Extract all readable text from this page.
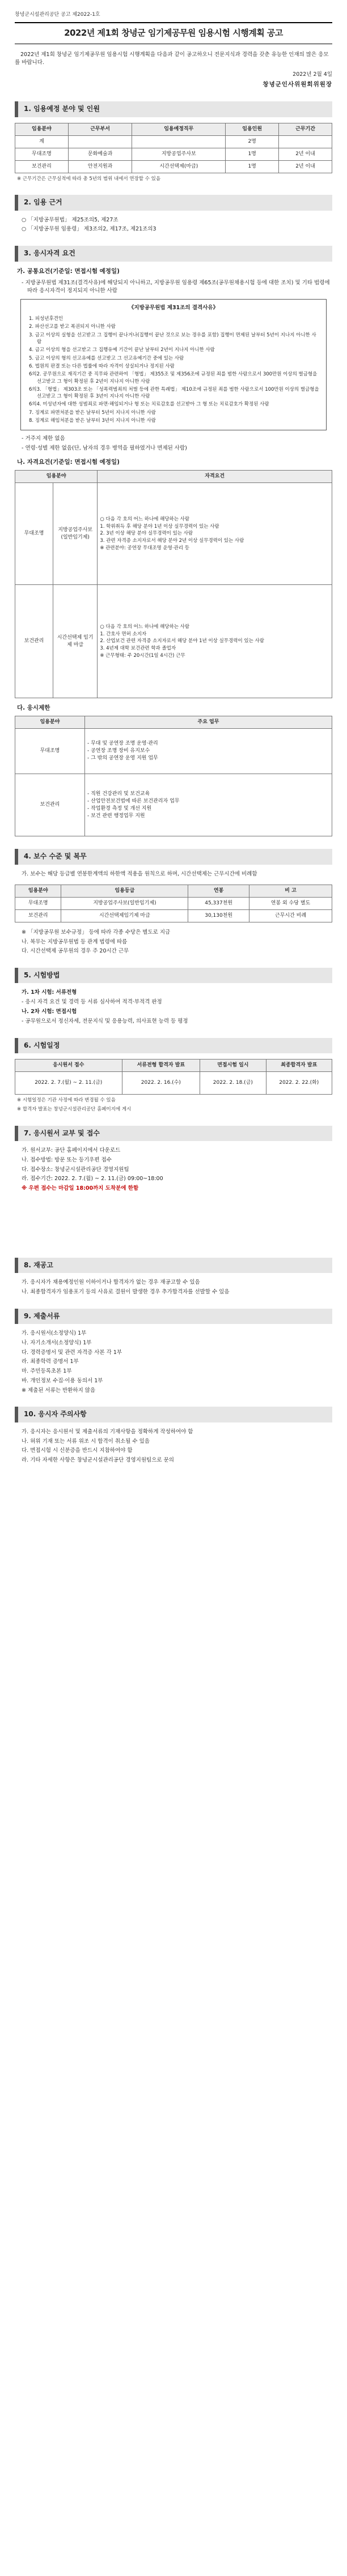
창녕군시설관리공단 공고 제2022-1호
2022년 제1회 창녕군 임기제공무원 임용시험 시행계획 공고

2022년 제1회 창녕군 임기제공무원 임용시험 시행계획을 다음과 같이 공고하오니 전문지식과 경력을 갖춘 유능한 인재의 많은 응모를 바랍니다.

2022년 2월 4일
창녕군인사위원회위원장
1. 임용예정 분야 및 인원
임용분야	근무부서	임용예정직무	임용인원	근무기간
계			2명	
무대조명	문화예술과	지방공업주사보	1명	2년 이내
보건관리	안전지원과	시간선택제(마급)	1명	2년 이내
※ 근무기간은 근무실적에 따라 총 5년의 범위 내에서 연장할 수 있음
2. 임용 근거
○ 「지방공무원법」 제25조의5, 제27조
○ 「지방공무원 임용령」 제3조의2, 제17조, 제21조의3
3. 응시자격 요건
가. 공통요건(기준일: 면접시험 예정일)
- 지방공무원법 제31조(결격사유)에 해당되지 아니하고, 지방공무원 임용령 제65조(공무원채용시험 등에 대한 조치) 및 기타 법령에 따라 응시자격이 정지되지 아니한 사람
《지방공무원법 제31조의 결격사유》
1. 피성년후견인
2. 파산선고를 받고 복권되지 아니한 사람
3. 금고 이상의 실형을 선고받고 그 집행이 끝나거나(집행이 끝난 것으로 보는 경우를 포함) 집행이 면제된 날부터 5년이 지나지 아니한 사람
4. 금고 이상의 형을 선고받고 그 집행유예 기간이 끝난 날부터 2년이 지나지 아니한 사람
5. 금고 이상의 형의 선고유예를 선고받고 그 선고유예기간 중에 있는 사람
6. 법원의 판결 또는 다른 법률에 따라 자격이 상실되거나 정지된 사람
6의2. 공무원으로 재직기간 중 직무와 관련하여 「형법」 제355조 및 제356조에 규정된 죄를 범한 사람으로서 300만원 이상의 벌금형을 선고받고 그 형이 확정된 후 2년이 지나지 아니한 사람
6의3. 「형법」 제303조 또는 「성폭력범죄의 처벌 등에 관한 특례법」 제10조에 규정된 죄를 범한 사람으로서 100만원 이상의 벌금형을 선고받고 그 형이 확정된 후 3년이 지나지 아니한 사람
6의4. 미성년자에 대한 성범죄로 파면·해임되거나 형 또는 치료감호를 선고받아 그 형 또는 치료감호가 확정된 사람
7. 징계로 파면처분을 받은 날부터 5년이 지나지 아니한 사람
8. 징계로 해임처분을 받은 날부터 3년이 지나지 아니한 사람
- 거주지 제한 없음
- 연령·성별 제한 없음(단, 남자의 경우 병역을 필하였거나 면제된 사람)
나. 자격요건(기준일: 면접시험 예정일)
임용분야		자격요건
무대조명	지방공업주사보 (일반임기제)	○ 다음 각 호의 어느 하나에 해당하는 사람
1. 학위취득 후 해당 분야 1년 이상 실무경력이 있는 사람
2. 3년 이상 해당 분야 실무경력이 있는 사람
3. 관련 자격증 소지자로서 해당 분야 2년 이상 실무경력이 있는 사람
※ 관련분야: 공연장 무대조명 운영·관리 등
보건관리	시간선택제 임기제 마급	○ 다음 각 호의 어느 하나에 해당하는 사람
1. 간호사 면허 소지자
2. 산업보건 관련 자격증 소지자로서 해당 분야 1년 이상 실무경력이 있는 사람
3. 4년제 대학 보건관련 학과 졸업자
※ 근무형태: 주 20시간(1일 4시간) 근무
다. 응시제한
임용분야	주요 업무
무대조명	- 무대 및 공연장 조명 운영·관리
- 공연장 조명 장비 유지보수
- 그 밖의 공연장 운영 지원 업무
보건관리	- 직원 건강관리 및 보건교육
- 산업안전보건법에 따른 보건관리자 업무
- 작업환경 측정 및 개선 지원
- 보건 관련 행정업무 지원
4. 보수 수준 및 복무
가. 보수는 해당 등급별 연봉한계액의 하한액 적용을 원칙으로 하며, 시간선택제는 근무시간에 비례함
임용분야	임용등급	연봉	비 고
무대조명	지방공업주사보(일반임기제)	45,337천원	연봉 외 수당 별도
보건관리	시간선택제임기제 마급	30,130천원	근무시간 비례
※ 「지방공무원 보수규정」 등에 따라 각종 수당은 별도로 지급
나. 복무는 지방공무원법 등 관계 법령에 따름
다. 시간선택제 공무원의 경우 주 20시간 근무
5. 시험방법
가. 1차 시험: 서류전형
- 응시 자격 요건 및 경력 등 서류 심사하여 적격·부적격 판정
나. 2차 시험: 면접시험
- 공무원으로서 정신자세, 전문지식 및 응용능력, 의사표현 능력 등 평정
6. 시험일정
응시원서 접수	서류전형 합격자 발표	면접시험 일시	최종합격자 발표
2022. 2. 7.(월) ~ 2. 11.(금)	2022. 2. 16.(수)	2022. 2. 18.(금)	2022. 2. 22.(화)
※ 시험일정은 기관 사정에 따라 변경될 수 있음
※ 합격자 발표는 창녕군시설관리공단 홈페이지에 게시
7. 응시원서 교부 및 접수
가. 원서교부: 공단 홈페이지에서 다운로드
나. 접수방법: 방문 또는 등기우편 접수
다. 접수장소: 창녕군시설관리공단 경영지원팀
라. 접수기간: 2022. 2. 7.(월) ~ 2. 11.(금) 09:00~18:00
※ 우편 접수는 마감일 18:00까지 도착분에 한함
8. 재공고
가. 응시자가 채용예정인원 이하이거나 합격자가 없는 경우 재공고할 수 있음
나. 최종합격자가 임용포기 등의 사유로 결원이 발생한 경우 추가합격자를 선발할 수 있음
9. 제출서류
가. 응시원서(소정양식) 1부
나. 자기소개서(소정양식) 1부
다. 경력증명서 및 관련 자격증 사본 각 1부
라. 최종학력 증명서 1부
마. 주민등록초본 1부
바. 개인정보 수집·이용 동의서 1부
※ 제출된 서류는 반환하지 않음
10. 응시자 주의사항
가. 응시자는 응시원서 및 제출서류의 기재사항을 정확하게 작성하여야 함
나. 허위 기재 또는 서류 위조 시 합격이 취소될 수 있음
다. 면접시험 시 신분증을 반드시 지참하여야 함
라. 기타 자세한 사항은 창녕군시설관리공단 경영지원팀으로 문의
